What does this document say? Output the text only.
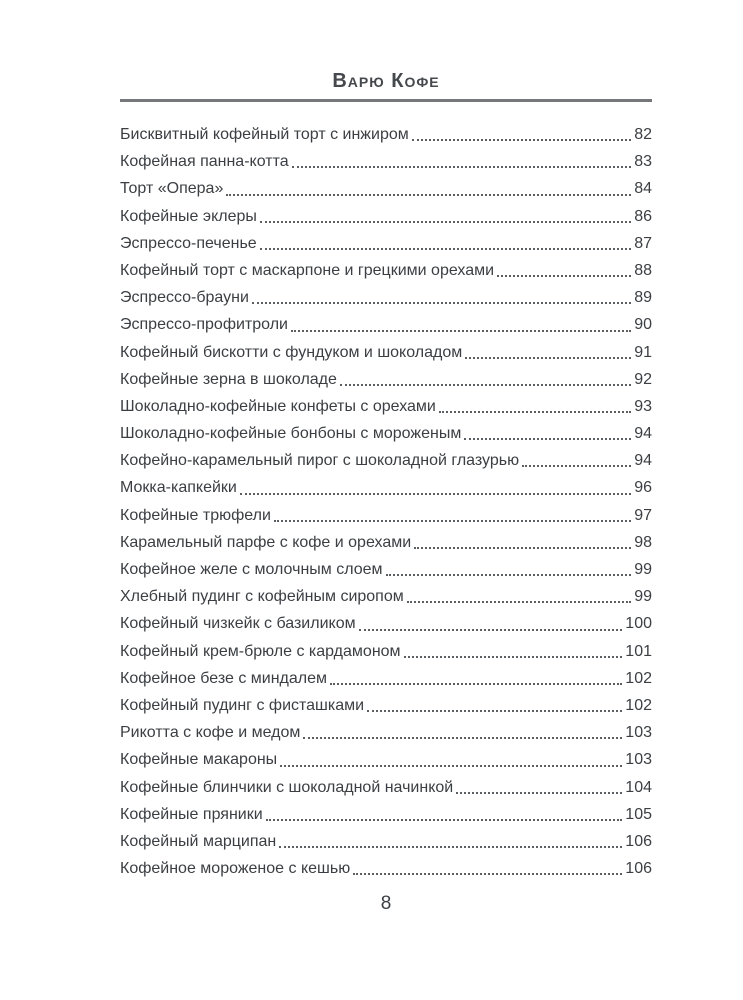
Варю Кофе
Бисквитный кофейный торт с инжиром	82
Кофейная панна-котта	83
Торт «Опера»	84
Кофейные эклеры	86
Эспрессо-печенье	87
Кофейный торт с маскарпоне и грецкими орехами	88
Эспрессо-брауни	89
Эспрессо-профитроли	90
Кофейный бискотти с фундуком и шоколадом	91
Кофейные зерна в шоколаде	92
Шоколадно-кофейные конфеты с орехами	93
Шоколадно-кофейные бонбоны с мороженым	94
Кофейно-карамельный пирог с шоколадной глазурью	94
Мокка-капкейки	96
Кофейные трюфели	97
Карамельный парфе с кофе и орехами	98
Кофейное желе с молочным слоем	99
Хлебный пудинг с кофейным сиропом	99
Кофейный чизкейк с базиликом	100
Кофейный крем-брюле с кардамоном	101
Кофейное безе с миндалем	102
Кофейный пудинг с фисташками	102
Рикотта с кофе и медом	103
Кофейные макароны	103
Кофейные блинчики с шоколадной начинкой	104
Кофейные пряники	105
Кофейный марципан	106
Кофейное мороженое с кешью	106
8
